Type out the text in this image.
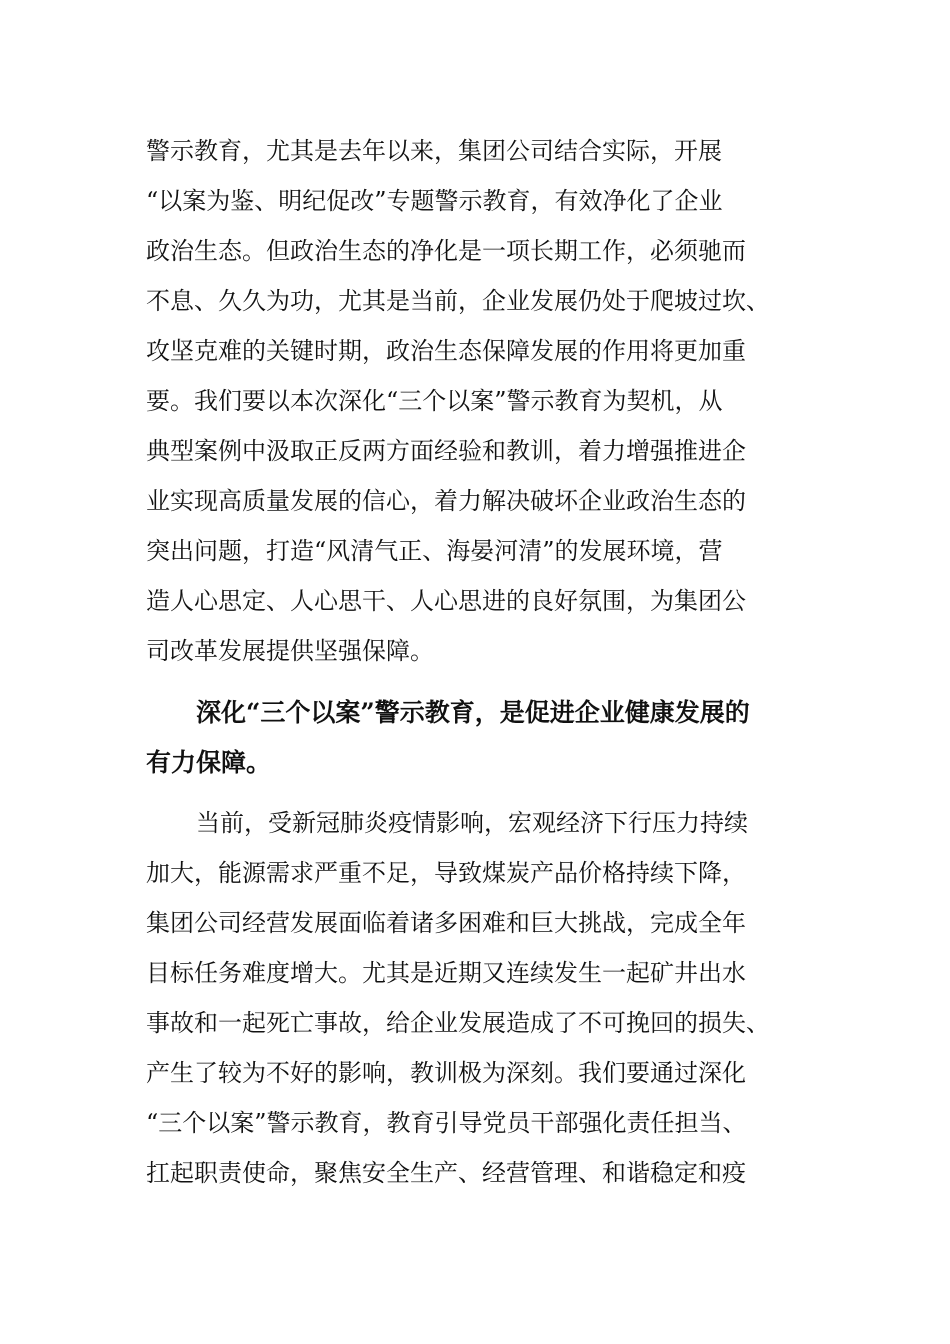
警示教育，尤其是去年以来，集团公司结合实际，开展
“以案为鉴、明纪促改”专题警示教育，有效净化了企业
政治生态。但政治生态的净化是一项长期工作，必须驰而
不息、久久为功，尤其是当前，企业发展仍处于爬坡过坎、
攻坚克难的关键时期，政治生态保障发展的作用将更加重
要。我们要以本次深化“三个以案”警示教育为契机，从
典型案例中汲取正反两方面经验和教训，着力增强推进企
业实现高质量发展的信心，着力解决破坏企业政治生态的
突出问题，打造“风清气正、海晏河清”的发展环境，营
造人心思定、人心思干、人心思进的良好氛围，为集团公
司改革发展提供坚强保障。
深化“三个以案”警示教育，是促进企业健康发展的
有力保障。
当前，受新冠肺炎疫情影响，宏观经济下行压力持续
加大，能源需求严重不足，导致煤炭产品价格持续下降，
集团公司经营发展面临着诸多困难和巨大挑战，完成全年
目标任务难度增大。尤其是近期又连续发生一起矿井出水
事故和一起死亡事故，给企业发展造成了不可挽回的损失、
产生了较为不好的影响，教训极为深刻。我们要通过深化
“三个以案”警示教育，教育引导党员干部强化责任担当、
扛起职责使命，聚焦安全生产、经营管理、和谐稳定和疫
